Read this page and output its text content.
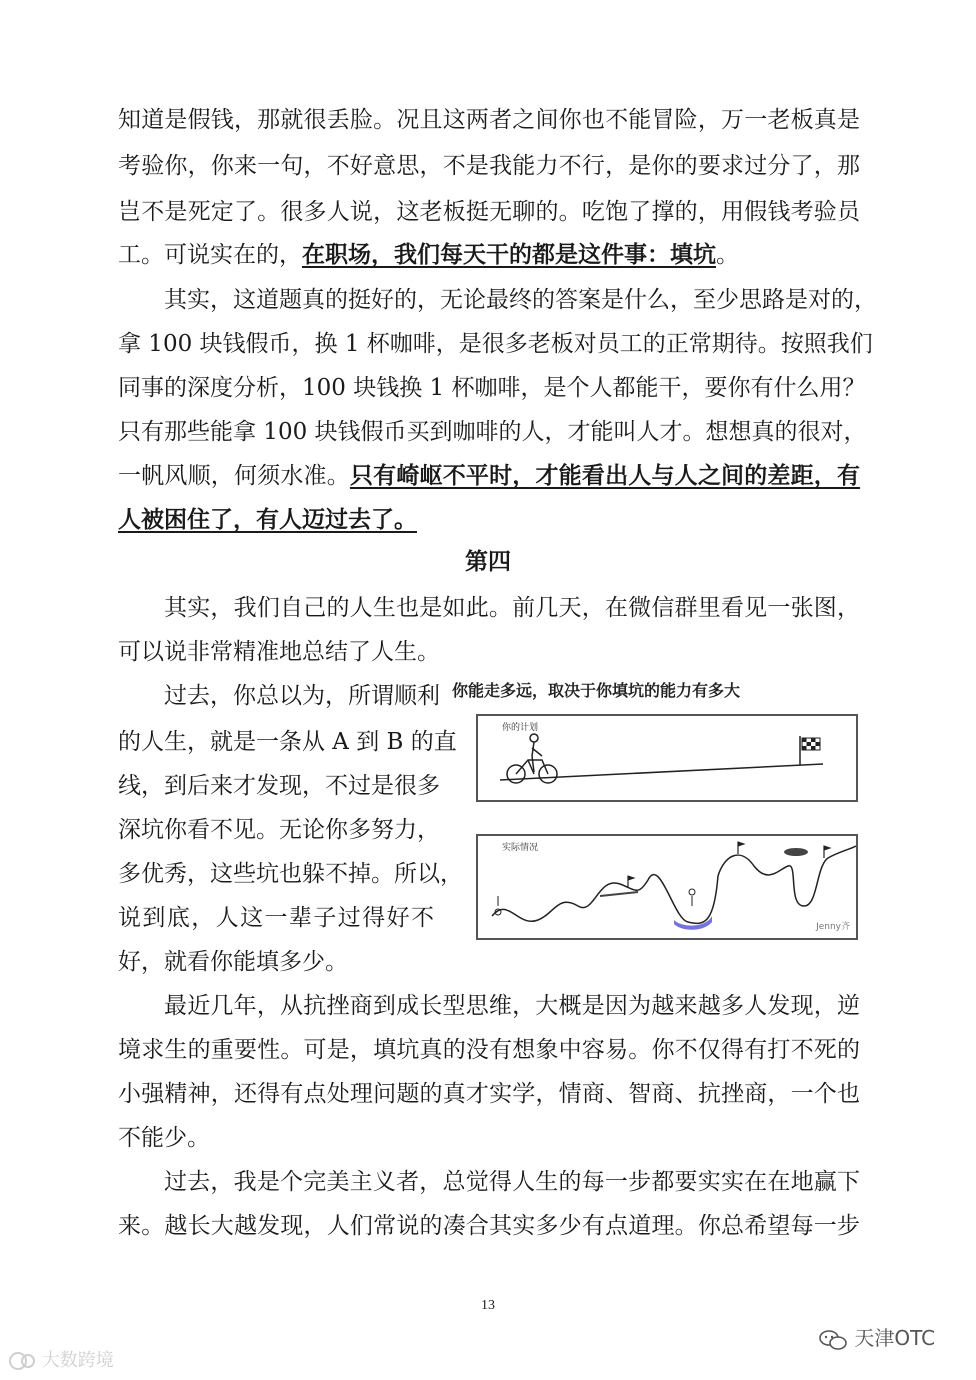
知道是假钱，那就很丢脸。况且这两者之间你也不能冒险，万一老板真是
考验你，你来一句，不好意思，不是我能力不行，是你的要求过分了，那
岂不是死定了。很多人说，这老板挺无聊的。吃饱了撑的，用假钱考验员
工。可说实在的，在职场，我们每天干的都是这件事：填坑。
其实，这道题真的挺好的，无论最终的答案是什么，至少思路是对的，
拿 100 块钱假币，换 1 杯咖啡，是很多老板对员工的正常期待。按照我们
同事的深度分析，100 块钱换 1 杯咖啡，是个人都能干，要你有什么用？
只有那些能拿 100 块钱假币买到咖啡的人，才能叫人才。想想真的很对，
一帆风顺，何须水准。只有崎岖不平时，才能看出人与人之间的差距，有
人被困住了，有人迈过去了。
第四
其实，我们自己的人生也是如此。前几天，在微信群里看见一张图，
可以说非常精准地总结了人生。
过去，你总以为，所谓顺利
的人生，就是一条从 A 到 B 的直
线，到后来才发现，不过是很多
深坑你看不见。无论你多努力，
多优秀，这些坑也躲不掉。所以，
说到底，人这一辈子过得好不
好，就看你能填多少。
你能走多远，取决于你填坑的能力有多大
你的计划
实际情况
Jenny齐
最近几年，从抗挫商到成长型思维，大概是因为越来越多人发现，逆
境求生的重要性。可是，填坑真的没有想象中容易。你不仅得有打不死的
小强精神，还得有点处理问题的真才实学，情商、智商、抗挫商，一个也
不能少。
过去，我是个完美主义者，总觉得人生的每一步都要实实在在地赢下
来。越长大越发现，人们常说的凑合其实多少有点道理。你总希望每一步
13
大数跨境
天津OTC
